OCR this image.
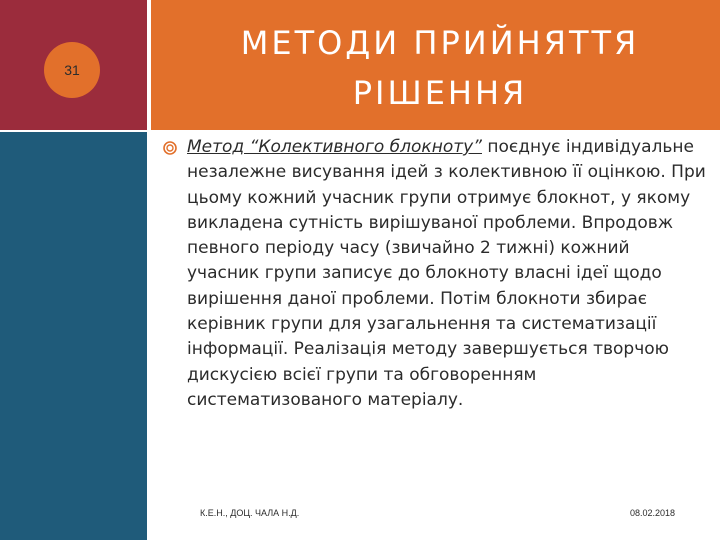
31
МЕТОДИ ПРИЙНЯТТЯ
РІШЕННЯ
Метод “Колективного блокноту” поєднує індивідуальне незалежне висування ідей з колективною її оцінкою. При цьому кожний учасник групи отримує блокнот, у якому викладена сутність вирішуваної проблеми. Впродовж певного періоду часу (звичайно 2 тижні) кожний учасник групи записує до блокноту власні ідеї щодо вирішення даної проблеми. Потім блокноти збирає керівник групи для узагальнення та систематизації інформації. Реалізація методу завершується творчою дискусією всієї групи та обговоренням систематизованого матеріалу.
К.Е.Н., ДОЦ. ЧАЛА Н.Д.	08.02.2018
